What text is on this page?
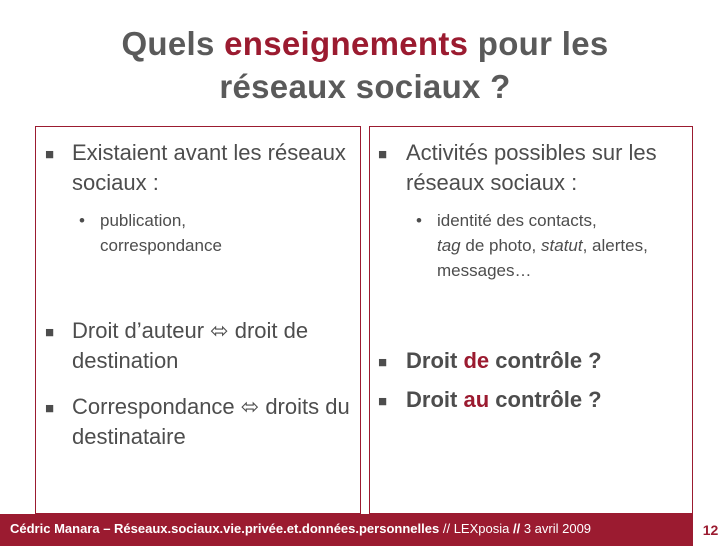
Quels enseignements pour les
réseaux sociaux ?
■ Existaient avant les réseaux sociaux :
• publication, correspondance
■ Droit d’auteur ⬄ droit de destination
■ Correspondance ⬄ droits du destinataire
■ Activités possibles sur les réseaux sociaux :
• identité des contacts,
tag de photo, statut, alertes, messages…
■ Droit de contrôle ?
■ Droit au contrôle ?
Cédric Manara – Réseaux.sociaux.vie.privée.et.données.personnelles // LEXposia // 3 avril 2009	12
